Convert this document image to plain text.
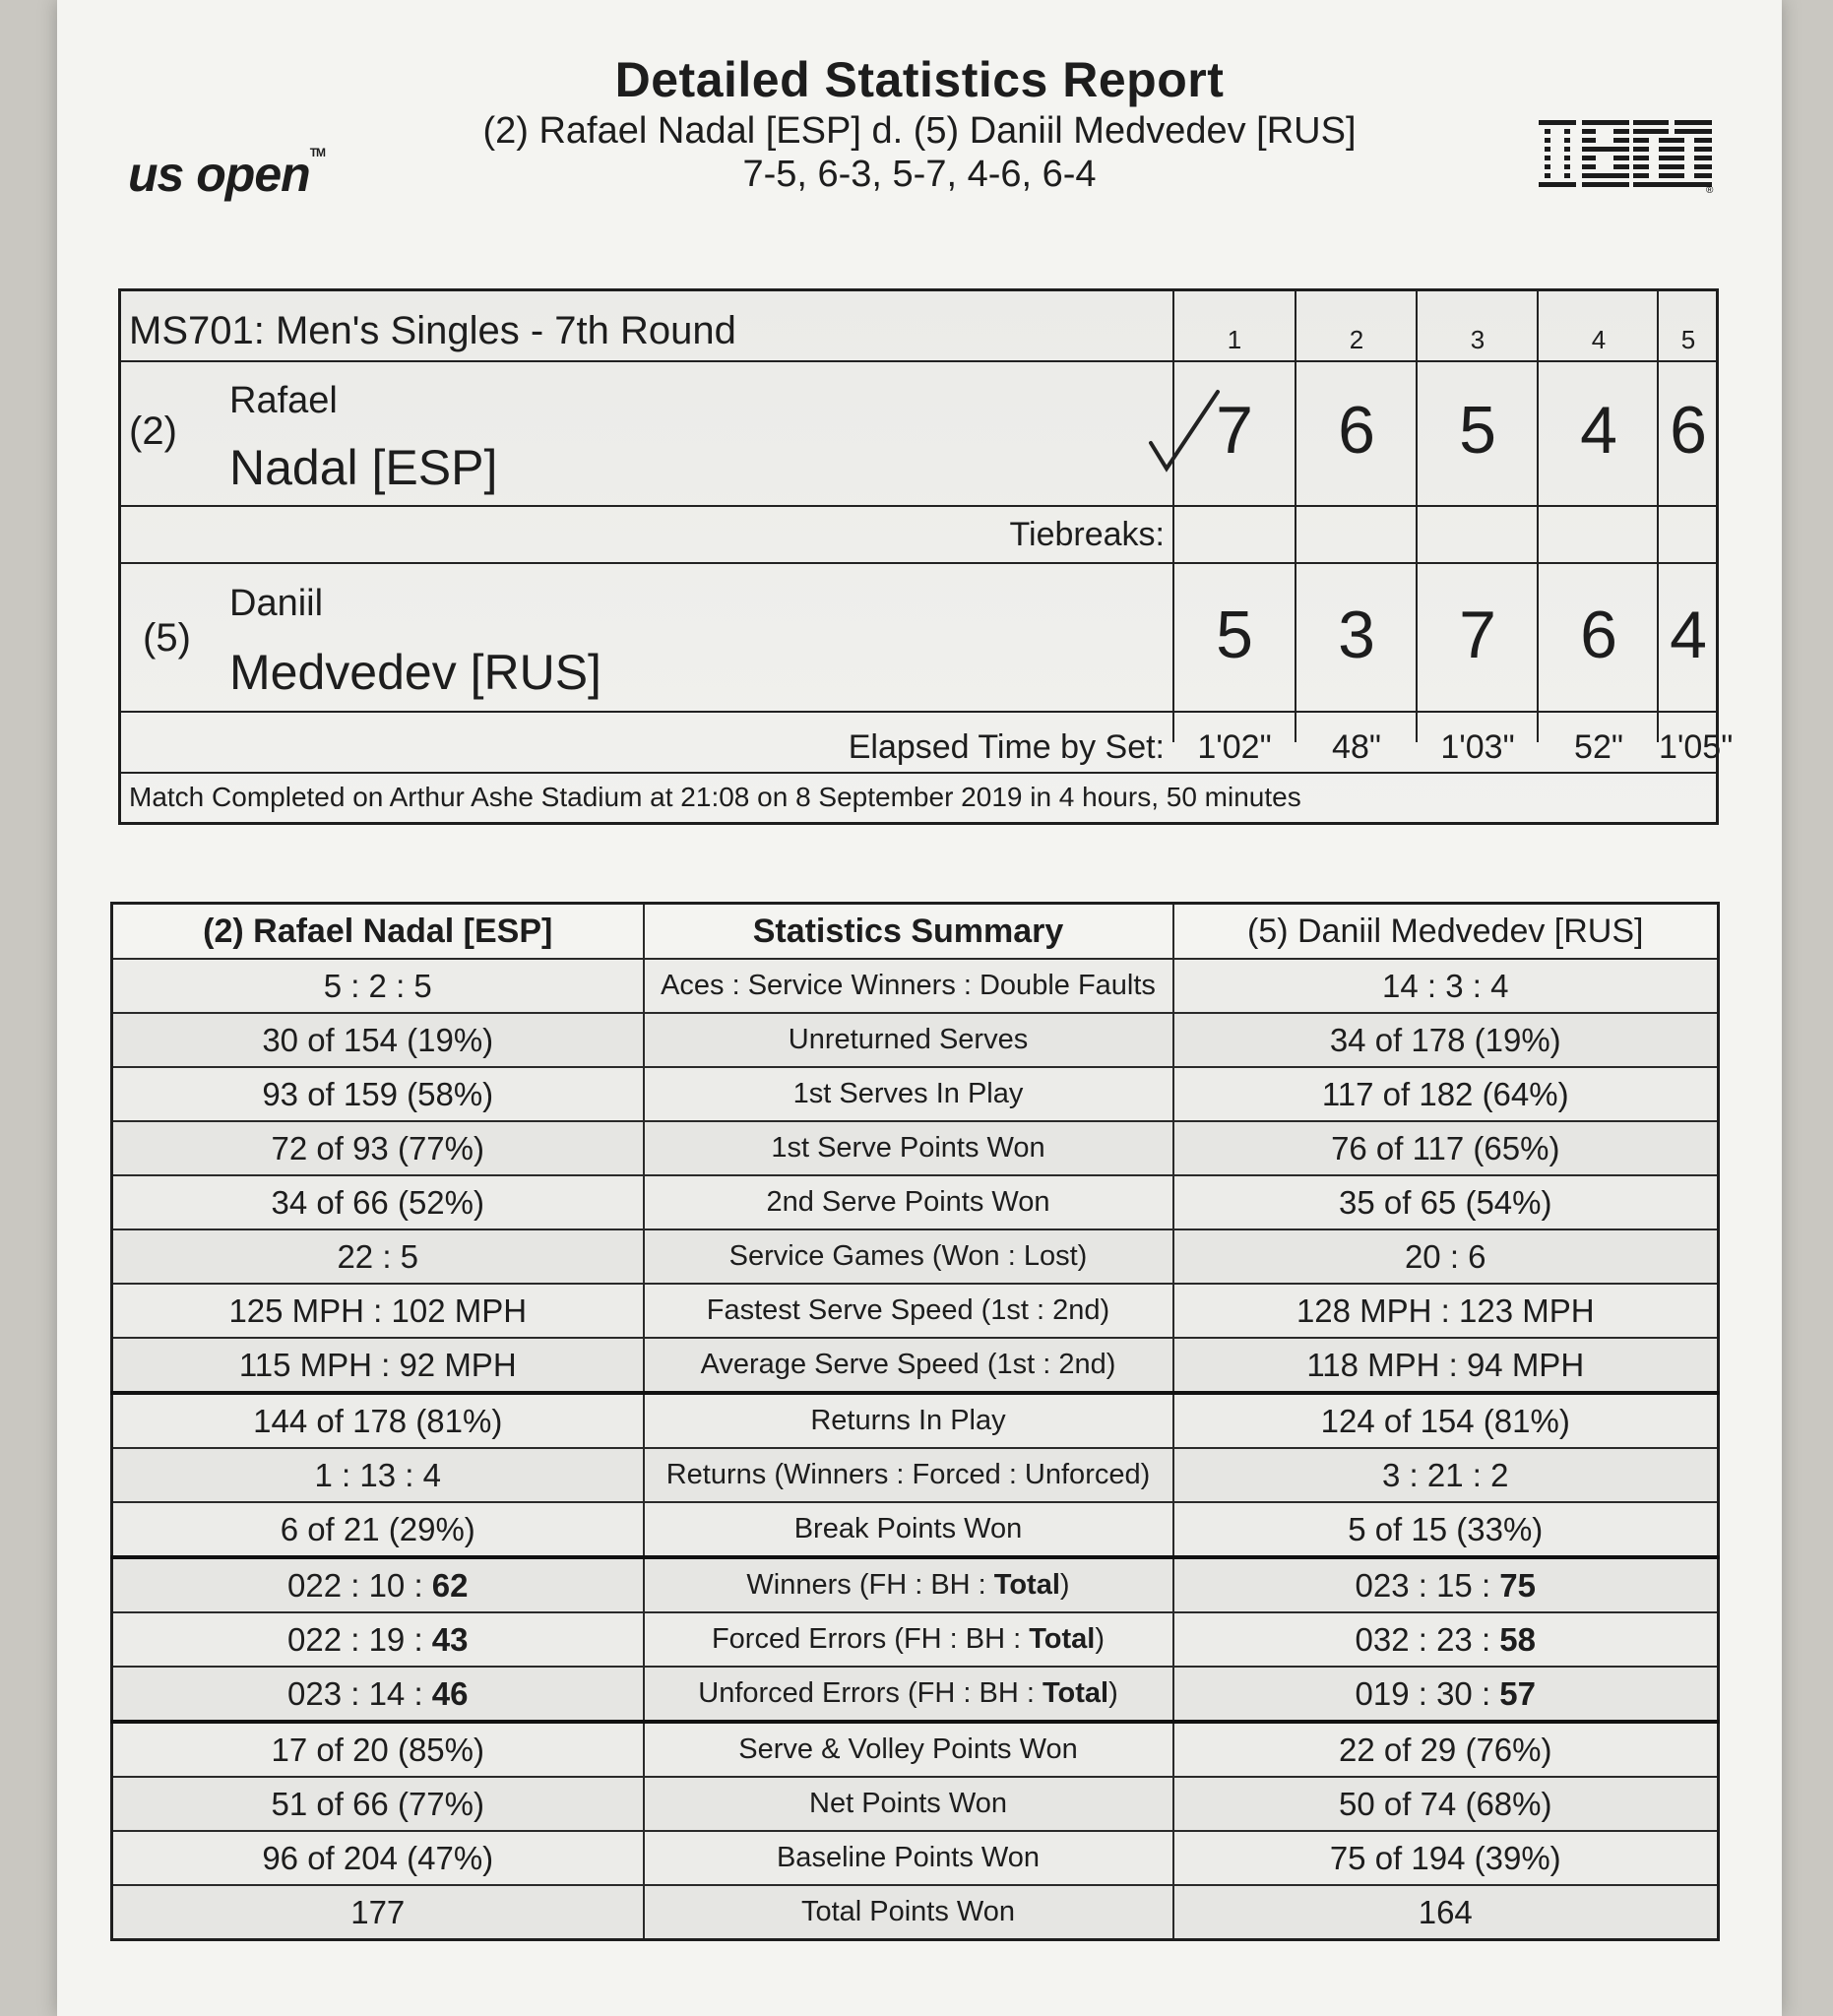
us open™
Detailed Statistics Report
(2) Rafael Nadal [ESP] d. (5) Daniil Medvedev [RUS]
7-5, 6-3, 5-7, 4-6, 6-4	®
MS701: Men's Singles - 7th Round	1	2	3	4	5
(2)
Rafael
Nadal [ESP]	7	6	5	4 6
Tiebreaks:
(5)
Daniil
Medvedev [RUS]	5	3	7	6 4
Elapsed Time by Set: 1'02"	48"	1'03"	52"	1'05"
Match Completed on Arthur Ashe Stadium at 21:08 on 8 September 2019 in 4 hours, 50 minutes
(2) Rafael Nadal [ESP]	Statistics Summary	(5) Daniil Medvedev [RUS]
5 : 2 : 5	Aces : Service Winners : Double Faults	14 : 3 : 4
30 of 154 (19%)	Unreturned Serves	34 of 178 (19%)
93 of 159 (58%)	1st Serves In Play	117 of 182 (64%)
72 of 93 (77%)	1st Serve Points Won	76 of 117 (65%)
34 of 66 (52%)	2nd Serve Points Won	35 of 65 (54%)
22 : 5	Service Games (Won : Lost)	20 : 6
125 MPH : 102 MPH	Fastest Serve Speed (1st : 2nd)	128 MPH : 123 MPH
115 MPH : 92 MPH	Average Serve Speed (1st : 2nd)	118 MPH : 94 MPH
144 of 178 (81%)	Returns In Play	124 of 154 (81%)
1 : 13 : 4	Returns (Winners : Forced : Unforced)	3 : 21 : 2
6 of 21 (29%)	Break Points Won	5 of 15 (33%)
022 : 10 : 62	Winners (FH : BH : Total)	023 : 15 : 75
022 : 19 : 43	Forced Errors (FH : BH : Total)	032 : 23 : 58
023 : 14 : 46	Unforced Errors (FH : BH : Total)	019 : 30 : 57
17 of 20 (85%)	Serve & Volley Points Won	22 of 29 (76%)
51 of 66 (77%)	Net Points Won	50 of 74 (68%)
96 of 204 (47%)	Baseline Points Won	75 of 194 (39%)
177	Total Points Won	164
